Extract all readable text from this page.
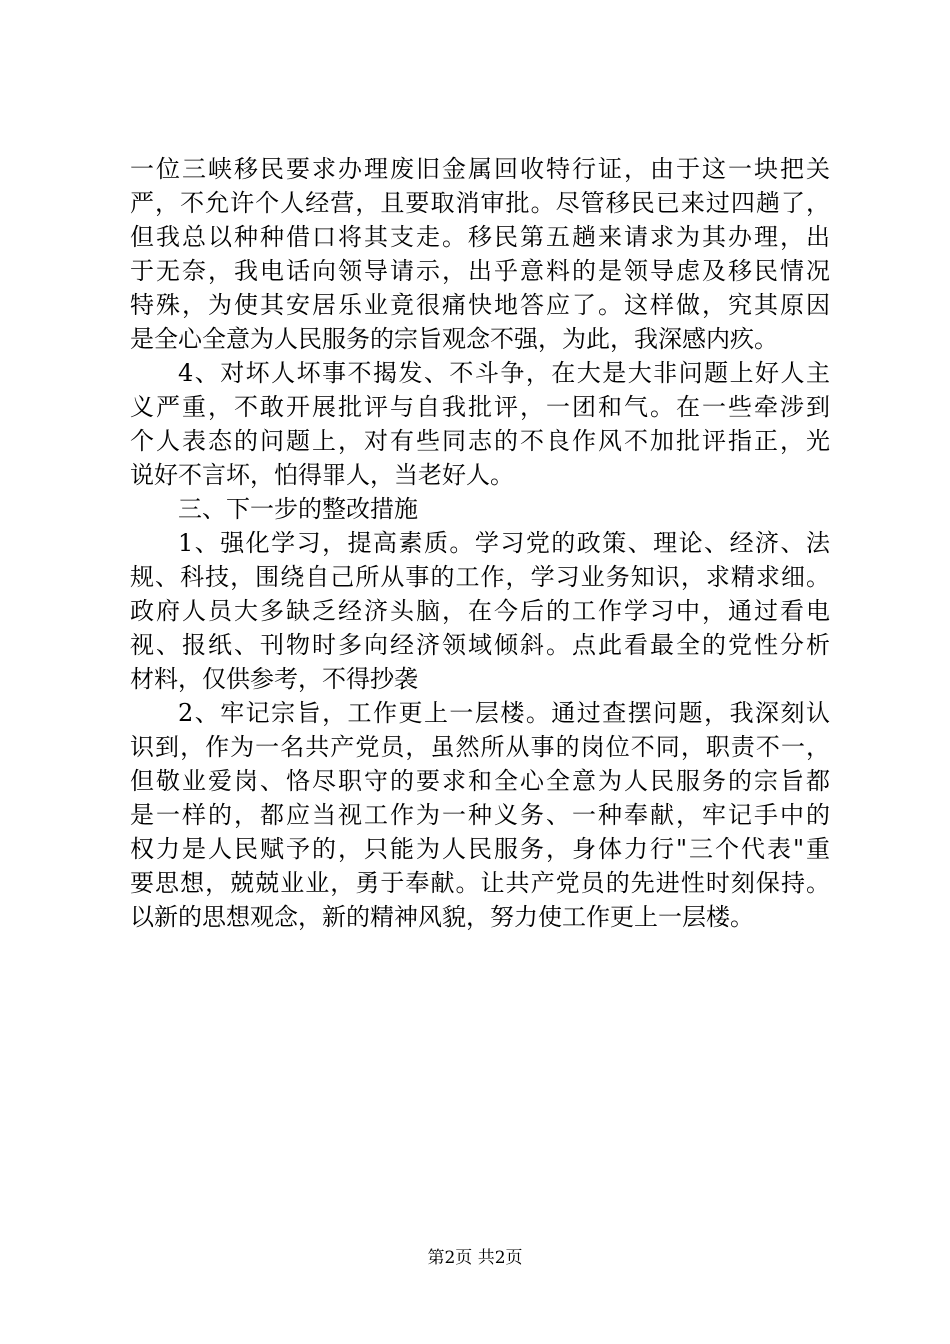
一位三峡移民要求办理废旧金属回收特行证，由于这一块把关
严，不允许个人经营，且要取消审批。尽管移民已来过四趟了，
但我总以种种借口将其支走。移民第五趟来请求为其办理，出
于无奈，我电话向领导请示，出乎意料的是领导虑及移民情况
特殊，为使其安居乐业竟很痛快地答应了。这样做，究其原因
是全心全意为人民服务的宗旨观念不强，为此，我深感内疚。
4、对坏人坏事不揭发、不斗争，在大是大非问题上好人主
义严重，不敢开展批评与自我批评，一团和气。在一些牵涉到
个人表态的问题上，对有些同志的不良作风不加批评指正，光
说好不言坏，怕得罪人，当老好人。
三、下一步的整改措施
1、强化学习，提高素质。学习党的政策、理论、经济、法
规、科技，围绕自己所从事的工作，学习业务知识，求精求细。
政府人员大多缺乏经济头脑，在今后的工作学习中，通过看电
视、报纸、刊物时多向经济领域倾斜。点此看最全的党性分析
材料，仅供参考，不得抄袭
2、牢记宗旨，工作更上一层楼。通过查摆问题，我深刻认
识到，作为一名共产党员，虽然所从事的岗位不同，职责不一，
但敬业爱岗、恪尽职守的要求和全心全意为人民服务的宗旨都
是一样的，都应当视工作为一种义务、一种奉献，牢记手中的
权力是人民赋予的，只能为人民服务，身体力行"三个代表"重
要思想，兢兢业业，勇于奉献。让共产党员的先进性时刻保持。
以新的思想观念，新的精神风貌，努力使工作更上一层楼。
第2页 共2页
